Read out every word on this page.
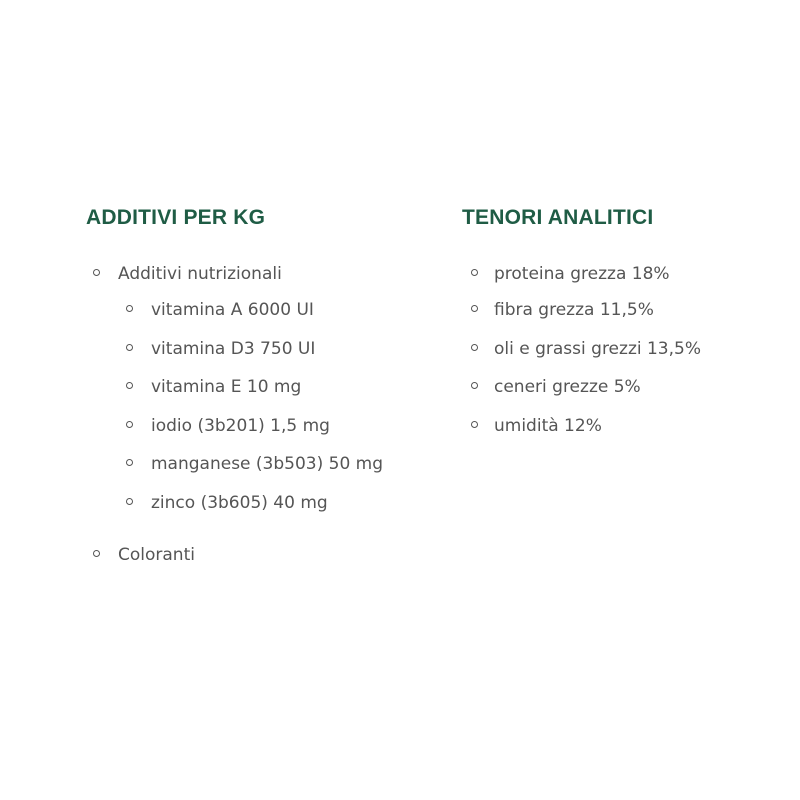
ADDITIVI PER KG
Additivi nutrizionali
vitamina A 6000 UI
vitamina D3 750 UI
vitamina E 10 mg
iodio (3b201) 1,5 mg
manganese (3b503) 50 mg
zinco (3b605) 40 mg
Coloranti
TENORI ANALITICI
proteina grezza 18%
fibra grezza 11,5%
oli e grassi grezzi 13,5%
ceneri grezze 5%
umidità 12%
